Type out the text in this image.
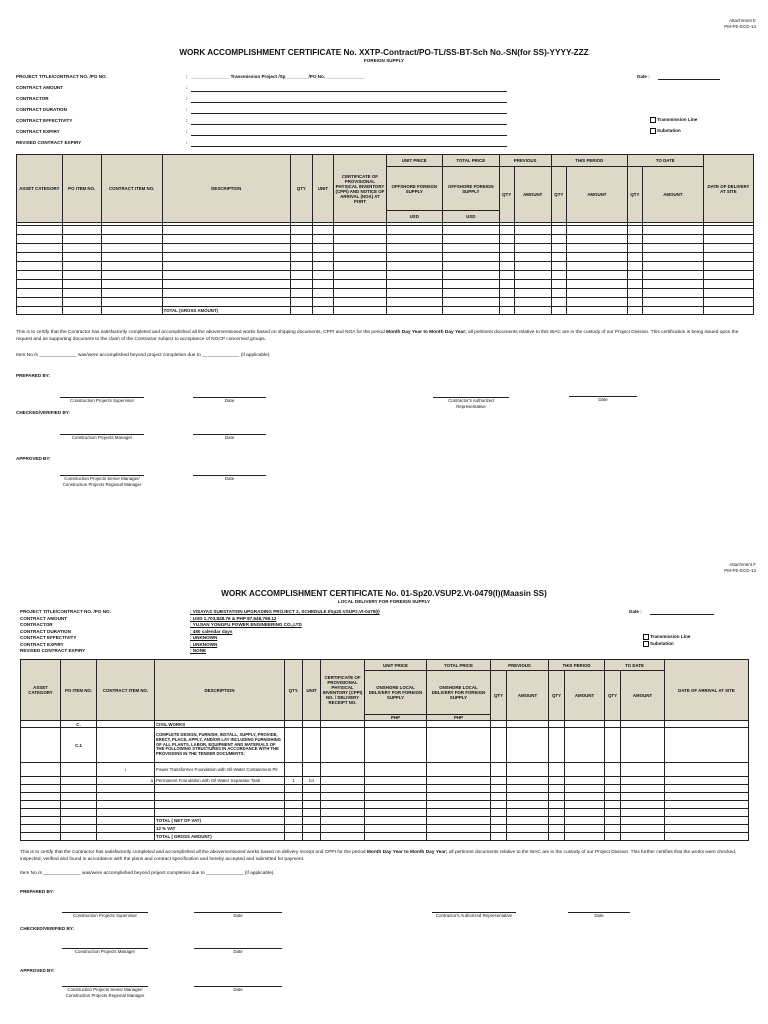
Attachment E
PM-PE-ECD-14
WORK ACCOMPLISHMENT CERTIFICATE No. XXTP-Contract/PO-TL/SS-BT-Sch No.-SN(for SS)-YYYY-ZZZ
FOREIGN SUPPLY
PROJECT TITLE/CONTRACT NO. /PO NO.	: _______________ Transmission Project /Sp_________/PO No. _______________
CONTRACT AMOUNT	:
CONTRACTOR	:
CONTRACT DURATION	:
CONTRACT EFFECTIVITY	:
CONTRACT EXPIRY	:
REVISED CONTRACT EXPIRY	:
Date :
Transmission Line
Substation
ASSET CATEGORY	PO ITEM NO.	CONTRACT ITEM NO.	DESCRIPTION	QTY	UNIT	CERTIFICATE OF PROVISIONAL PHYSICAL INVENTORY (CPPI) AND NOTICE OF ARRIVAL (NOA) AT PORT	UNIT PRICE	TOTAL PRICE	PREVIOUS		THIS PERIOD		TO DATE		DATE OF DELIVERY AT SITE
							OFFSHORE FOREIGN SUPPLY	OFFSHORE FOREIGN SUPPLY	QTY	AMOUNT	QTY	AMOUNT	QTY	AMOUNT	
							USD	USD							

			TOTAL (GROSS AMOUNT)												
This is to certify that the Contractor has satisfactorily completed and accomplished all the abovementioned works based on shipping documents, CPPI and NOA for the period Month Day Year to Month Day Year; all pertinent documents relative to this WAC are in the custody of our Project Division. This certification is being issued upon the request and as supporting document to the claim of the Contractor subject to acceptance of NGCP concerned groups.
Item No./s ______________ was/were accomplished beyond project completion due to ______________ (if applicable).
PREPARED BY:
Construction Projects Supervisor	Date	Contractor's Authorized Representative
Date
CHECKED/VERIFIED BY:
Construction Projects Manager	Date
APPROVED BY:
Construction Projects Senior Manager/
Construction Projects Regional Manager
Date
Attachment F
PM-PE-ECD-13
WORK ACCOMPLISHMENT CERTIFICATE No. 01-Sp20.VSUP2.Vt-0479(I)(Maasin SS)
LOCAL DELIVERY FOR FOREIGN SUPPLY
PROJECT TITLE/CONTRACT NO. /PO NO.	: VISAYAS SUBSTATION UPGRADING PROJECT 2, SCHEDULE I/Sp20.VSUP2.Vt-0479(I)
CONTRACT AMOUNT	: USD 1,703,848.76 & PHP 87,648,758.12
CONTRACTOR	: YUJIAN YONGFU POWER ENGINEERING CO.,LTD
CONTRACT DURATION	: 480 calendar days
CONTRACT EFFECTIVITY	: UNKNOWN
CONTRACT EXPIRY	: UNKNOWN
REVISED CONTRACT EXPIRY	: NONE
Date :
Transmission Line
Substation
ASSET CATEGORY	PO ITEM NO.	CONTRACT ITEM NO.	DESCRIPTION	QTY.	UNIT	CERTIFICATE OF PROVISIONAL PHYSICAL INVENTORY (CPPI) NO. / DELIVERY RECEIPT NO.	UNIT PRICE	TOTAL PRICE	PREVIOUS		THIS PERIOD		TO DATE		DATE OF ARRIVAL AT SITE
							ONSHORE LOCAL DELIVERY FOR FOREIGN SUPPLY	ONSHORE LOCAL DELIVERY FOR FOREIGN SUPPLY	QTY	AMOUNT	QTY	AMOUNT	QTY	AMOUNT	
							PHP	PHP							
	C.		CIVIL WORKS												
	C.1		COMPLETE DESIGN, FURNISH, INSTALL, SUPPLY, PROVIDE, ERECT, PLACE, APPLY, AND/OR LAY INCLUDING FURNISHING OF ALL PLANTS, LABOR, EQUIPMENT AND MATERIALS OF THE FOLLOWING STRUCTURES IN ACCORDANCE WITH THE PROVISIONS IN THE TENDER DOCUMENTS:												
		i	Power Transformer Foundation with Oil-Water Containment Pit												
		a	Permanent Foundation with Oil-Water Separator Tank	1	lot										

			TOTAL ( NET OF VAT)												
			12 % VAT												
			TOTAL ( GROSS AMOUNT)												
This is to certify that the Contractor has satisfactorily completed and accomplished all the abovementioned works based on delivery receipt and CPPI for the period Month Day Year to Month Day Year; all pertinent documents relative to the WAC are in the custody of our Project Division. This further certifies that the works were checked, inspected, verified and found in accordance with the plans and contract specification and hereby accepted and submitted for payment.
Item No./s ______________ was/were accomplished beyond project completion due to ______________ (if applicable).
PREPARED BY:
Construction Projects Supervisor	Date	Contractor's Authorized Representative	Date
CHECKED/VERIFIED BY:
Construction Projects Manager	Date
APPROVED BY:
Construction Projects Senior Manager/
Construction Projects Regional Manager
Date
